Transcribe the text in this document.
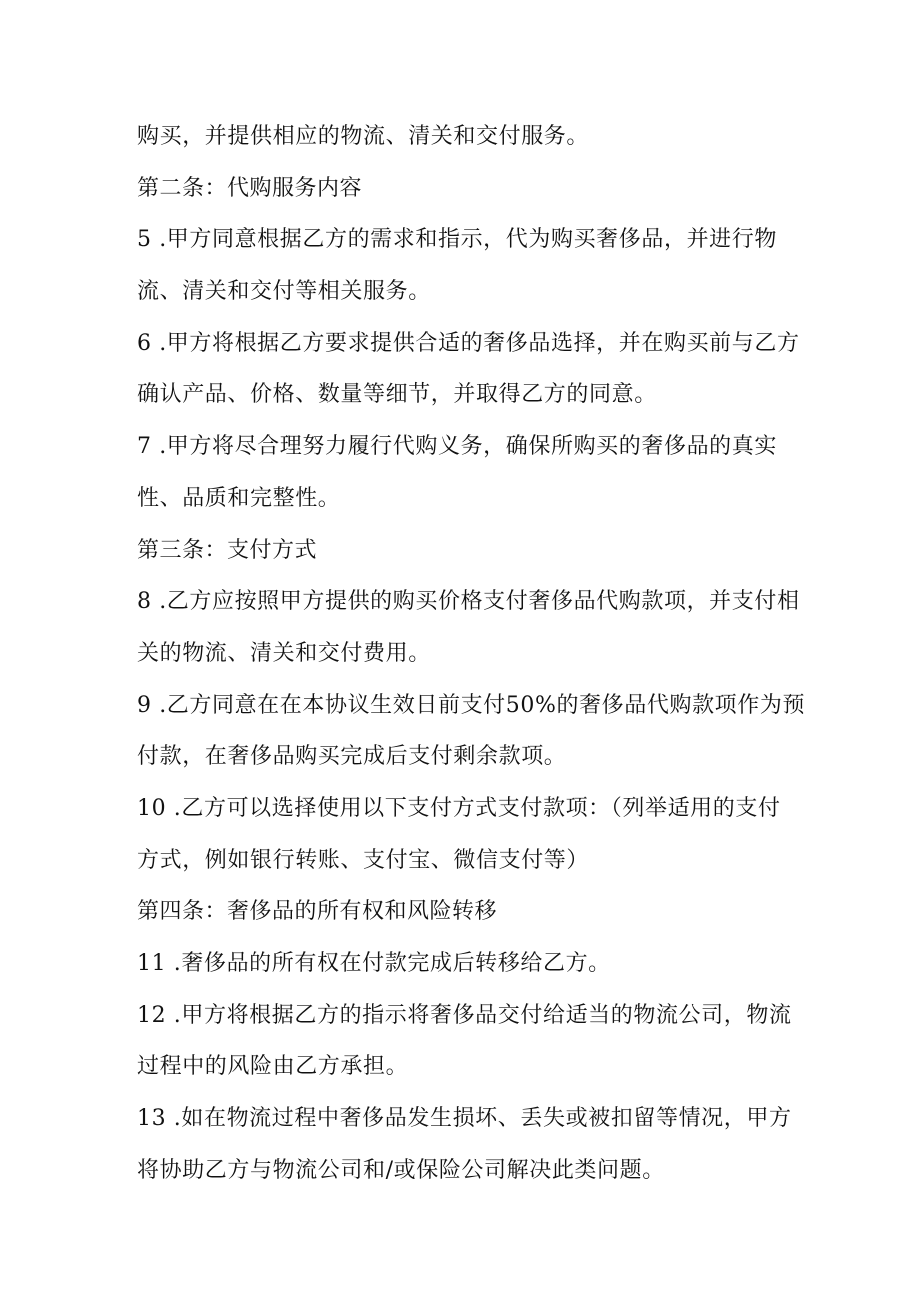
购买，并提供相应的物流、清关和交付服务。
第二条：代购服务内容
5 .甲方同意根据乙方的需求和指示，代为购买奢侈品，并进行物
流、清关和交付等相关服务。
6 .甲方将根据乙方要求提供合适的奢侈品选择，并在购买前与乙方
确认产品、价格、数量等细节，并取得乙方的同意。
7 .甲方将尽合理努力履行代购义务，确保所购买的奢侈品的真实
性、品质和完整性。
第三条：支付方式
8 .乙方应按照甲方提供的购买价格支付奢侈品代购款项，并支付相
关的物流、清关和交付费用。
9 .乙方同意在在本协议生效日前支付50%的奢侈品代购款项作为预
付款，在奢侈品购买完成后支付剩余款项。
10 .乙方可以选择使用以下支付方式支付款项：（列举适用的支付
方式，例如银行转账、支付宝、微信支付等）
第四条：奢侈品的所有权和风险转移
11 .奢侈品的所有权在付款完成后转移给乙方。
12 .甲方将根据乙方的指示将奢侈品交付给适当的物流公司，物流
过程中的风险由乙方承担。
13 .如在物流过程中奢侈品发生损坏、丢失或被扣留等情况，甲方
将协助乙方与物流公司和/或保险公司解决此类问题。
